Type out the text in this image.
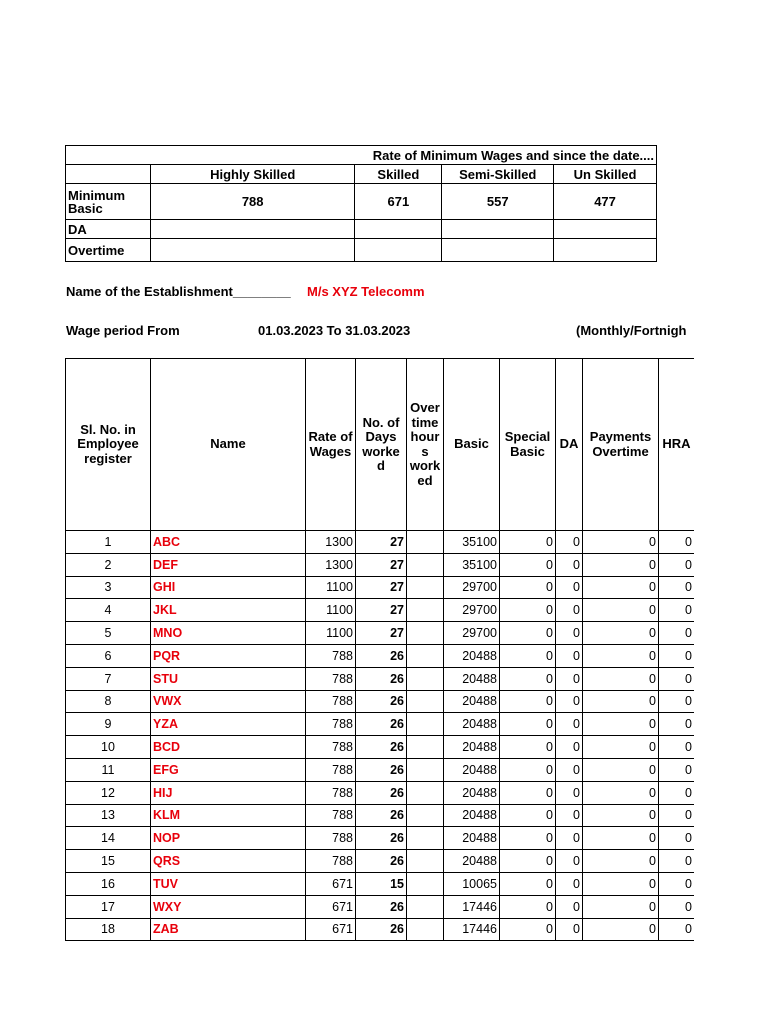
Rate of Minimum Wages and since the date....				
	Highly Skilled	Skilled	Semi-Skilled	Un Skilled
Minimum Basic	788	671	557	477
DA				
Overtime				
Name of the Establishment________ M/s XYZ Telecomm
Wage period From	01.03.2023 To 31.03.2023	(Monthly/Fortnigh
Sl. No. in Employee register	Name	Rate of Wages	No. of Days worke d	Over time hour s work ed	Basic	Special Basic	DA	Payments Overtime	HRA
1	ABC	1300	27		35100	0	0	0	0
2	DEF	1300	27		35100	0	0	0	0
3	GHI	1100	27		29700	0	0	0	0
4	JKL	1100	27		29700	0	0	0	0
5	MNO	1100	27		29700	0	0	0	0
6	PQR	788	26		20488	0	0	0	0
7	STU	788	26		20488	0	0	0	0
8	VWX	788	26		20488	0	0	0	0
9	YZA	788	26		20488	0	0	0	0
10	BCD	788	26		20488	0	0	0	0
11	EFG	788	26		20488	0	0	0	0
12	HIJ	788	26		20488	0	0	0	0
13	KLM	788	26		20488	0	0	0	0
14	NOP	788	26		20488	0	0	0	0
15	QRS	788	26		20488	0	0	0	0
16	TUV	671	15		10065	0	0	0	0
17	WXY	671	26		17446	0	0	0	0
18	ZAB	671	26		17446	0	0	0	0
